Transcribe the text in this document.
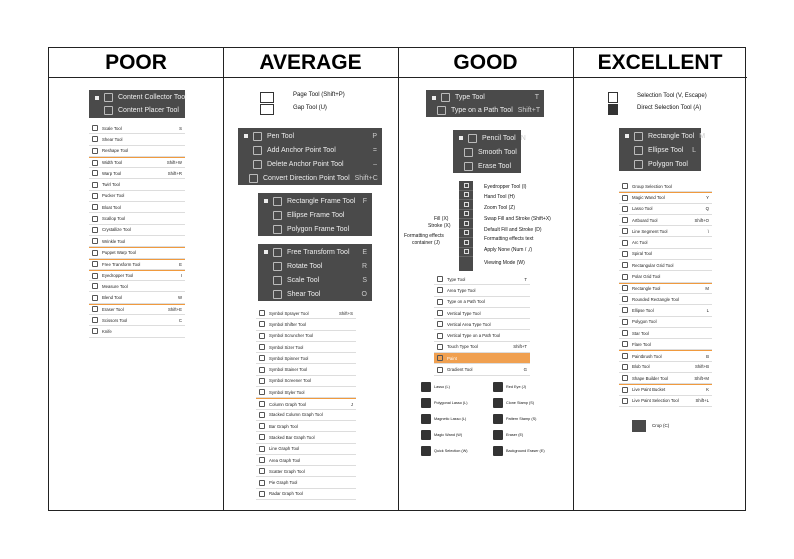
POOR	AVERAGE	GOOD	EXCELLENT
Content Collector Tool
Content Placer Tool
Scale Tool	S
Shear Tool
Reshape Tool
Width Tool	Shift+W
Warp Tool	Shift+R
Twirl Tool
Pucker Tool
Bloat Tool
Scallop Tool
Crystallize Tool
Wrinkle Tool
Puppet Warp Tool
Free Transform Tool	E
Eyedropper Tool	I
Measure Tool
Blend Tool	W
Eraser Tool	Shift+E
Scissors Tool	C
Knife
Page Tool (Shift+P)
Gap Tool (U)
Pen Tool	P
Add Anchor Point Tool	=
Delete Anchor Point Tool	–
Convert Direction Point Tool Shift+C
Rectangle Frame Tool F
Ellipse Frame Tool
Polygon Frame Tool
Free Transform Tool E
Rotate Tool	R
Scale Tool	S
Shear Tool	O
Symbol Sprayer Tool	Shift+S
Symbol Shifter Tool
Symbol Scruncher Tool
Symbol Sizer Tool
Symbol Spinner Tool
Symbol Stainer Tool
Symbol Screener Tool
Symbol Styler Tool
Column Graph Tool	J
Stacked Column Graph Tool
Bar Graph Tool
Stacked Bar Graph Tool
Line Graph Tool
Area Graph Tool
Scatter Graph Tool
Pie Graph Tool
Radar Graph Tool
Type Tool	T
Type on a Path Tool Shift+T
Pencil Tool N
Smooth Tool
Erase Tool
Eyedropper Tool (I)
Hand Tool (H)
Zoom Tool (Z)
Swap Fill and Stroke (Shift+X)
Default Fill and Stroke (D)
Formatting effects text
Apply None (Num / ,/)
Viewing Mode (W)
Fill (X)
Stroke (X)
Formatting effects
container (J)
Type Tool	T
Area Type Tool
Type on a Path Tool
Vertical Type Tool
Vertical Area Type Tool
Vertical Type on a Path Tool
Touch Type Tool	Shift+T
Paint
Gradient Tool	G
Lasso (L)	Red Eye (J)
Polygonal Lasso (L)	Clone Stamp (S)
Magnetic Lasso (L)	Pattern Stamp (S)
Magic Wand (W)	Eraser (E)
Quick Selection (W)	Background Eraser (E)
Selection Tool (V, Escape)
Direct Selection Tool (A)
Rectangle Tool M
Ellipse Tool L
Polygon Tool
Group Selection Tool
Magic Wand Tool	Y
Lasso Tool	Q
Artboard Tool	Shift+O
Line Segment Tool	\
Arc Tool
Spiral Tool
Rectangular Grid Tool
Polar Grid Tool
Rectangle Tool	M
Rounded Rectangle Tool
Ellipse Tool	L
Polygon Tool
Star Tool
Flare Tool
Paintbrush Tool	B
Blob Tool	Shift+B
Shape Builder Tool	Shift+M
Live Paint Bucket	K
Live Paint Selection Tool	Shift+L
Crop (C)
